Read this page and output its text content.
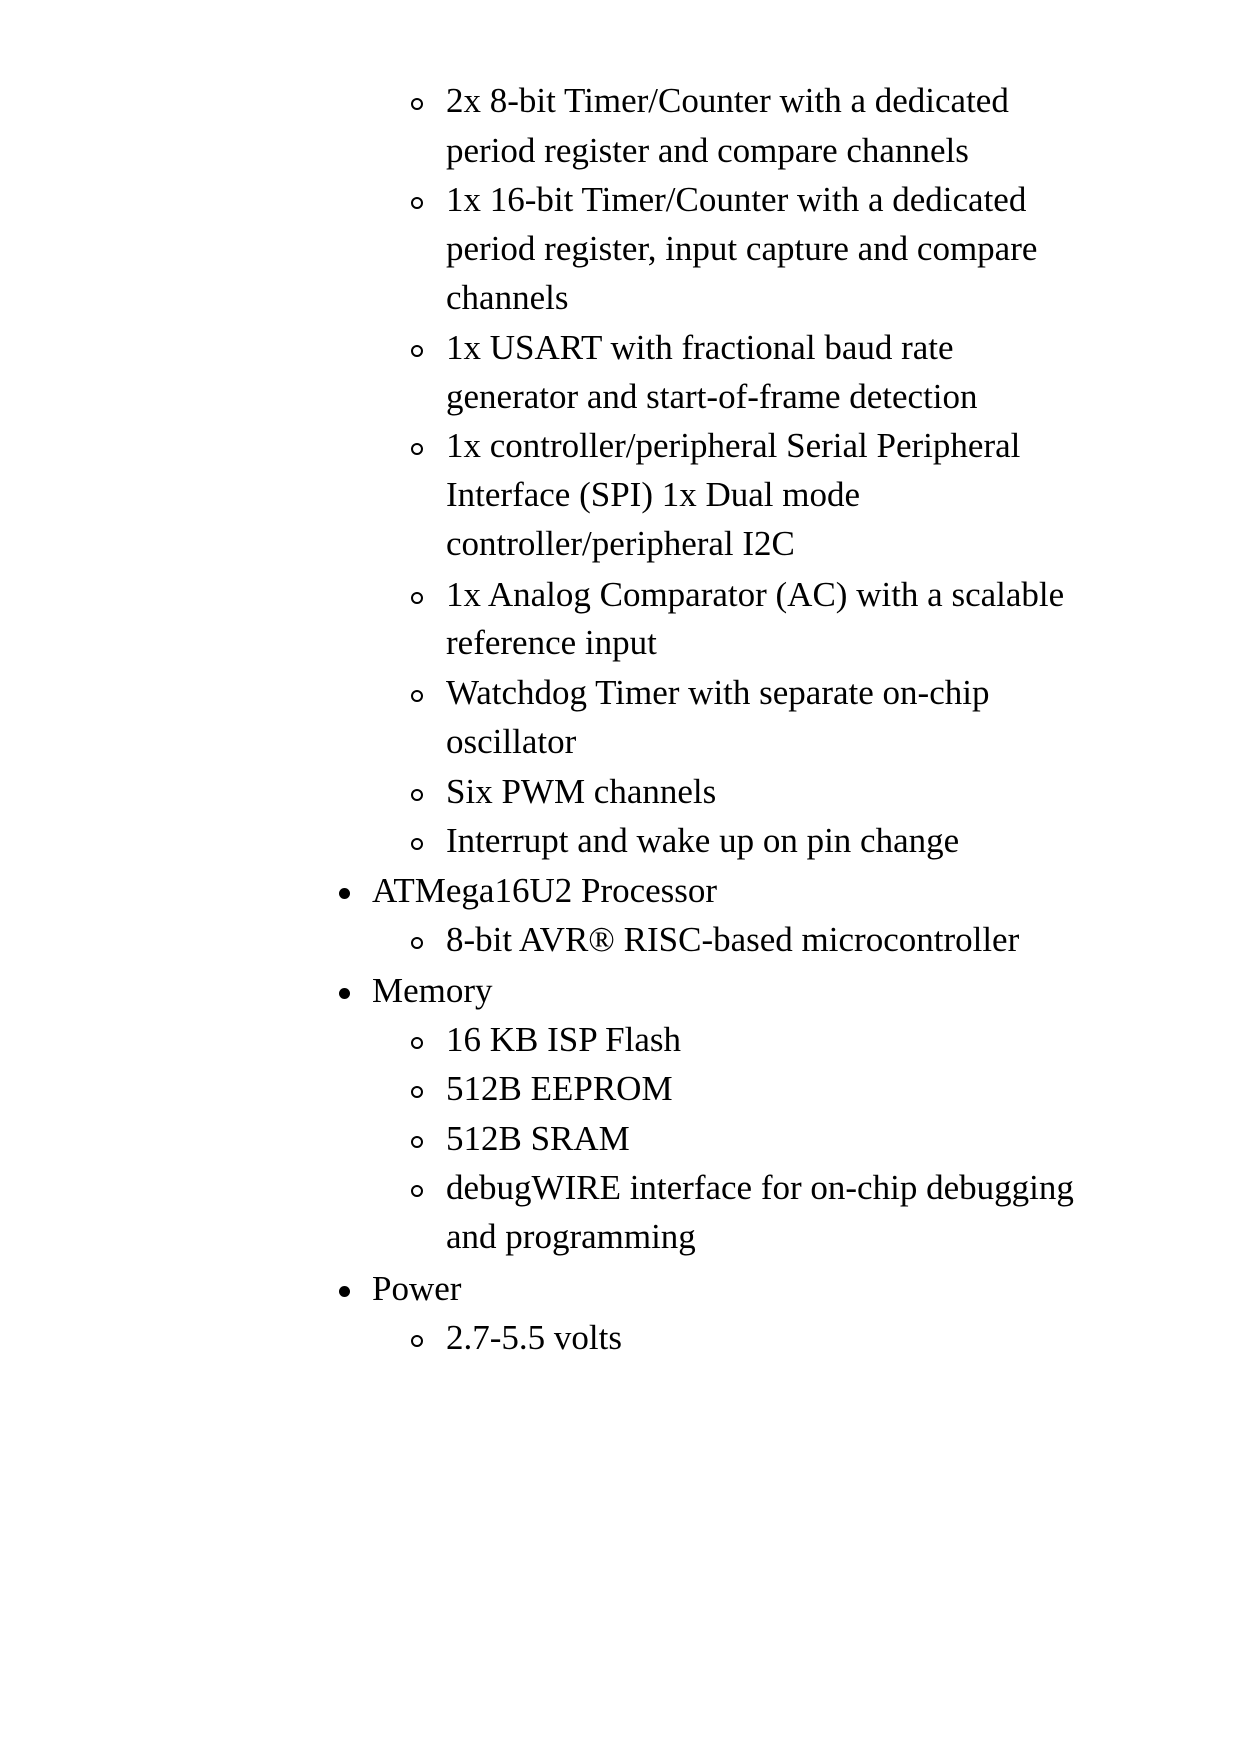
2x 8-bit Timer/Counter with a dedicated
period register and compare channels
1x 16-bit Timer/Counter with a dedicated
period register, input capture and compare
channels
1x USART with fractional baud rate
generator and start-of-frame detection
1x controller/peripheral Serial Peripheral
Interface (SPI) 1x Dual mode
controller/peripheral I2C
1x Analog Comparator (AC) with a scalable
reference input
Watchdog Timer with separate on-chip
oscillator
Six PWM channels
Interrupt and wake up on pin change
ATMega16U2 Processor
8-bit AVR® RISC-based microcontroller
Memory
16 KB ISP Flash
512B EEPROM
512B SRAM
debugWIRE interface for on-chip debugging
and programming
Power
2.7-5.5 volts
